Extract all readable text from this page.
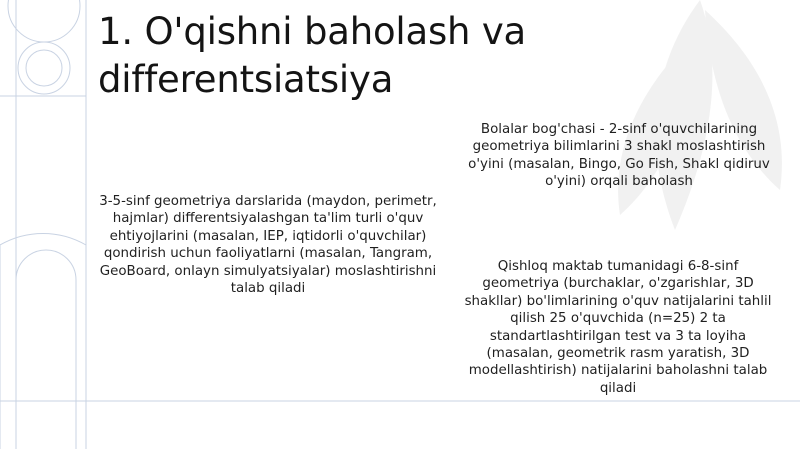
1. O'qishni baholash va differentsiatsiya

Bolalar bog'chasi - 2-sinf o'quvchilarining geometriya bilimlarini 3 shakl moslashtirish o'yini (masalan, Bingo, Go Fish, Shakl qidiruv o'yini) orqali baholash

3-5-sinf geometriya darslarida (maydon, perimetr, hajmlar) differentsiyalashgan ta'lim turli o'quv ehtiyojlarini (masalan, IEP, iqtidorli o'quvchilar) qondirish uchun faoliyatlarni (masalan, Tangram, GeoBoard, onlayn simulyatsiyalar) moslashtirishni talab qiladi

Qishloq maktab tumanidagi 6-8-sinf geometriya (burchaklar, o'zgarishlar, 3D shakllar) bo'limlarining o'quv natijalarini tahlil qilish 25 o'quvchida (n=25) 2 ta standartlashtirilgan test va 3 ta loyiha (masalan, geometrik rasm yaratish, 3D modellashtirish) natijalarini baholashni talab qiladi
